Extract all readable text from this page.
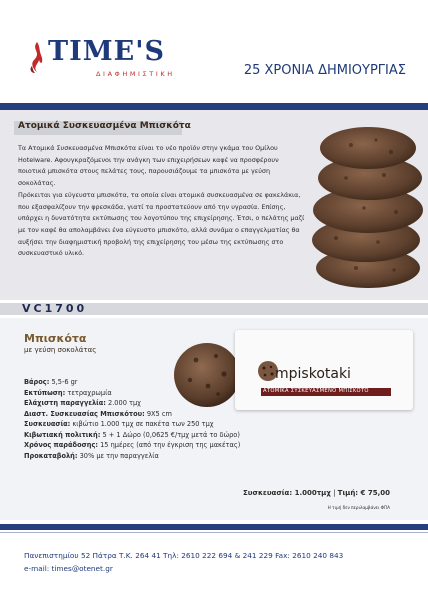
TIME'S
ΔΙΑΦΗΜΙΣΤΙΚΗ	25 ΧΡΟΝΙΑ ΔΗΜΙΟΥΡΓΙΑΣ
Ατομικά Συσκευασμένα Μπισκότα

Τα Ατομικά Συσκευασμένα Μπισκότα είναι το νέο προϊόν στην γκάμα του Ομίλου Hotelware. Αφουγκραζόμενοι την ανάγκη των επιχειρήσεων καφέ να προσφέρουν ποιοτικά μπισκότα στους πελάτες τους, παρουσιάζουμε τα μπισκότα με γεύση σοκολάτας.

Πρόκειται για εύγευστα μπισκότα, τα οποία είναι ατομικά συσκευασμένα σε φακελάκια, που εξασφαλίζουν την φρεσκάδα, γιατί τα προστατεύουν από την υγρασία. Επίσης, υπάρχει η δυνατότητα εκτύπωσης του λογοτύπου της επιχείρησης. Έτσι, ο πελάτης μαζί με τον καφέ θα απολαμβάνει ένα εύγευστο μπισκότο, αλλά συνάμα ο επαγγελματίας θα αυξήσει την διαφημιστική προβολή της επιχείρησης του μέσω της εκτύπωσης στο συσκευαστικό υλικό.

VC1700
Μπισκότα
με γεύση σοκολάτας
mpiskotaki
ΑΤΟΜΙΚΑ ΣΥΣΚΕΥΑΣΜΕΝΟ ΜΠΙΣΚΟΤΟ
Βάρος: 5,5-6 gr
Εκτύπωση: τετραχρωμία
Ελάχιστη παραγγελία: 2.000 τμχ
Διαστ. Συσκευασίας Μπισκότου: 9X5 cm
Συσκευασία: κιβώτιο 1.000 τμχ σε πακέτα των 250 τμχ
Κιβωτιακή πολιτική: 5 + 1 Δώρο (0,0625 €/τμχ μετά το δώρο)
Χρόνος παράδοσης: 15 ημέρες (από την έγκριση της μακέτας)
Προκαταβολή: 30% με την παραγγελία
Συσκευασία: 1.000τμχ | Τιμή: € 75,00
Η τιμή δεν περιλαμβάνει ΦΠΑ
Πανεπιστημίου 52 Πάτρα Τ.Κ. 264 41 Τηλ: 2610 222 694 & 241 229 Fax: 2610 240 843
e-mail: times@otenet.gr
